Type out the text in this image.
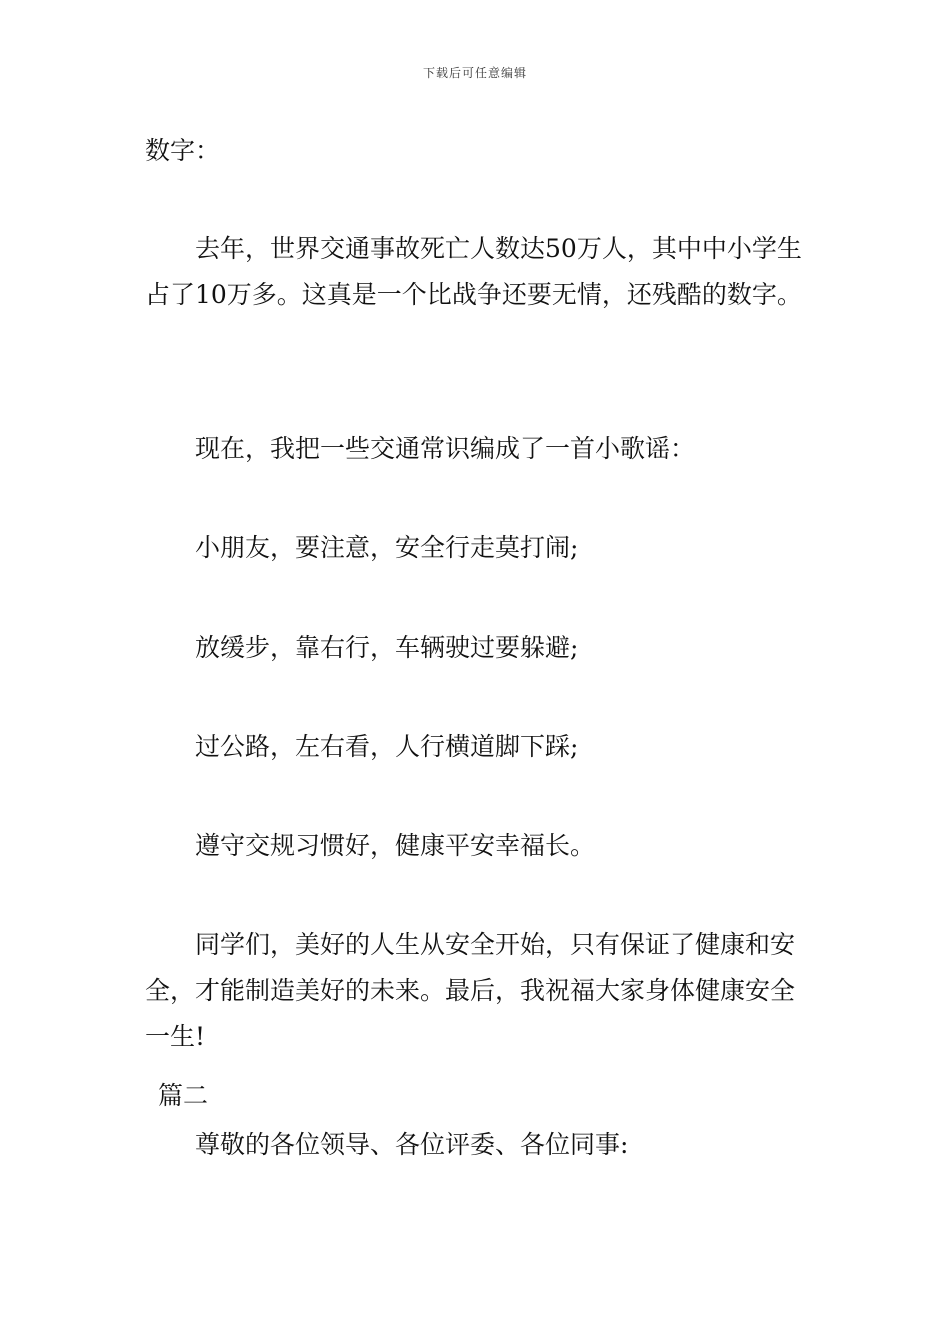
下载后可任意编辑

数字：

去年，世界交通事故死亡人数达50万人，其中中小学生占了10万多。这真是一个比战争还要无情，还残酷的数字。

现在，我把一些交通常识编成了一首小歌谣：

小朋友，要注意，安全行走莫打闹;

放缓步，靠右行，车辆驶过要躲避;

过公路，左右看，人行横道脚下踩;

遵守交规习惯好，健康平安幸福长。

同学们，美好的人生从安全开始，只有保证了健康和安全，才能制造美好的未来。最后，我祝福大家身体健康安全一生!

篇二

尊敬的各位领导、各位评委、各位同事:
